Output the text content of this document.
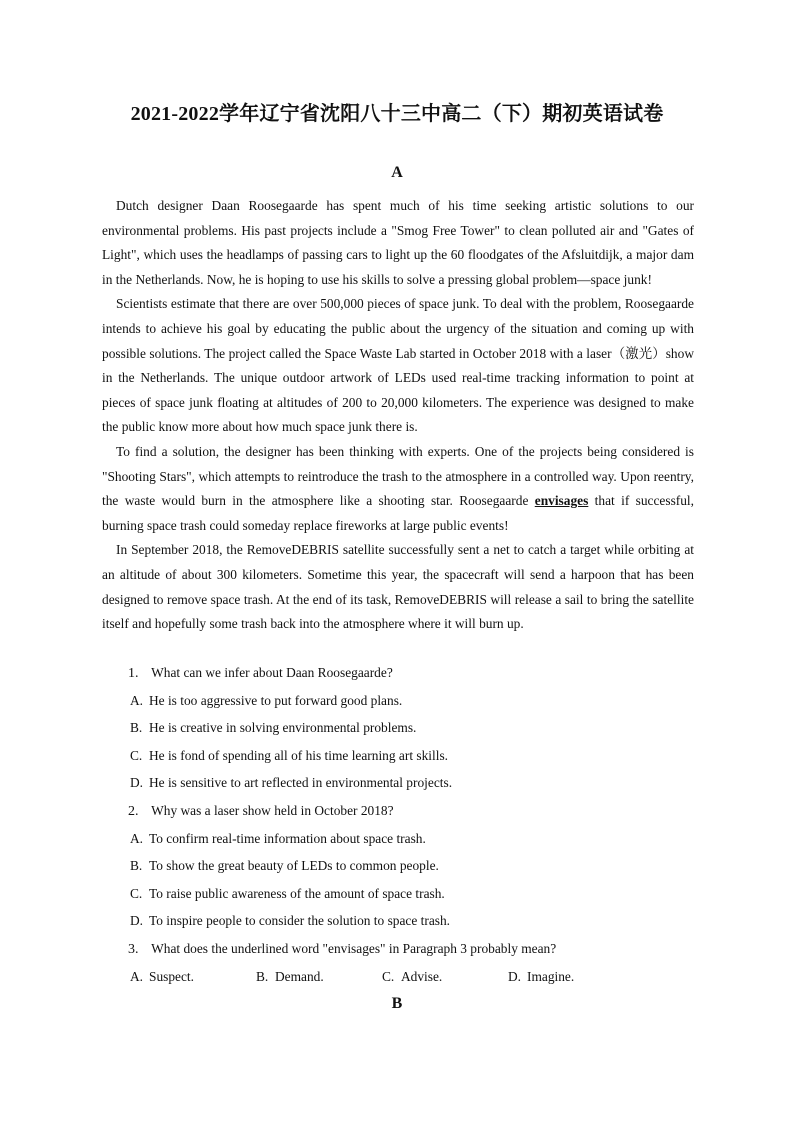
2021-2022学年辽宁省沈阳八十三中高二（下）期初英语试卷
A

Dutch designer Daan Roosegaarde has spent much of his time seeking artistic solutions to our environmental problems. His past projects include a "Smog Free Tower" to clean polluted air and "Gates of Light", which uses the headlamps of passing cars to light up the 60 floodgates of the Afsluitdijk, a major dam in the Netherlands. Now, he is hoping to use his skills to solve a pressing global problem—space junk!

Scientists estimate that there are over 500,000 pieces of space junk. To deal with the problem, Roosegaarde intends to achieve his goal by educating the public about the urgency of the situation and coming up with possible solutions. The project called the Space Waste Lab started in October 2018 with a laser（激光）show in the Netherlands. The unique outdoor artwork of LEDs used real-time tracking information to point at pieces of space junk floating at altitudes of 200 to 20,000 kilometers. The experience was designed to make the public know more about how much space junk there is.

To find a solution, the designer has been thinking with experts. One of the projects being considered is "Shooting Stars", which attempts to reintroduce the trash to the atmosphere in a controlled way. Upon reentry, the waste would burn in the atmosphere like a shooting star. Roosegaarde envisages that if successful, burning space trash could someday replace fireworks at large public events!

In September 2018, the RemoveDEBRIS satellite successfully sent a net to catch a target while orbiting at an altitude of about 300 kilometers. Sometime this year, the spacecraft will send a harpoon that has been designed to remove space trash. At the end of its task, RemoveDEBRIS will release a sail to bring the satellite itself and hopefully some trash back into the atmosphere where it will burn up.

1. What can we infer about Daan Roosegaarde?
A. He is too aggressive to put forward good plans.
B. He is creative in solving environmental problems.
C. He is fond of spending all of his time learning art skills.
D. He is sensitive to art reflected in environmental projects.
2. Why was a laser show held in October 2018?
A. To confirm real-time information about space trash.
B. To show the great beauty of LEDs to common people.
C. To raise public awareness of the amount of space trash.
D. To inspire people to consider the solution to space trash.
3. What does the underlined word "envisages" in Paragraph 3 probably mean?
A. Suspect.	B. Demand.	C. Advise.	D. Imagine.
B
